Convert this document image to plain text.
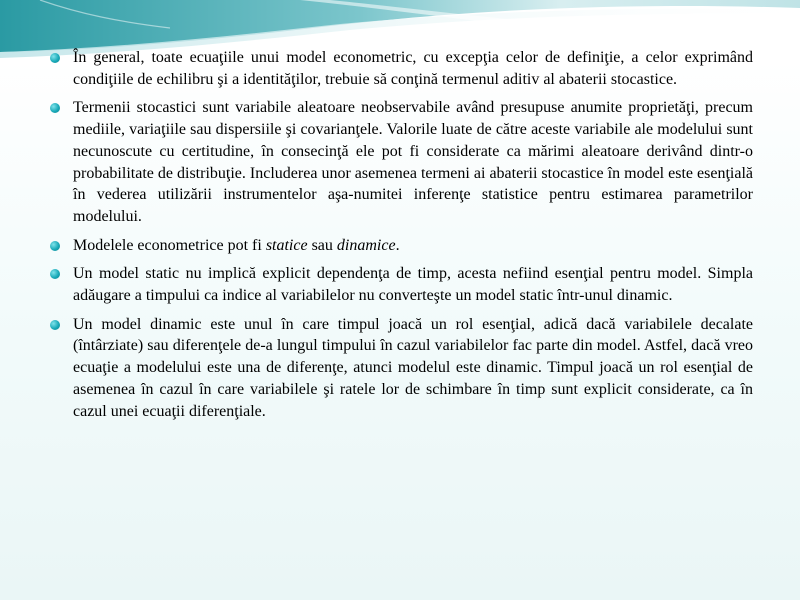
În general, toate ecuaţiile unui model econometric, cu excepţia celor de definiţie, a celor exprimând condiţiile de echilibru şi a identităţilor, trebuie să conţină termenul aditiv al abaterii stocastice.
Termenii stocastici sunt variabile aleatoare neobservabile având presupuse anumite proprietăţi, precum mediile, variaţiile sau dispersiile şi covarianţele. Valorile luate de către aceste variabile ale modelului sunt necunoscute cu certitudine, în consecinţă ele pot fi considerate ca mărimi aleatoare derivând dintr-o probabilitate de distribuţie. Includerea unor asemenea termeni ai abaterii stocastice în model este esenţială în vederea utilizării instrumentelor aşa-numitei inferenţe statistice pentru estimarea parametrilor modelului.
Modelele econometrice pot fi statice sau dinamice.
Un model static nu implică explicit dependenţa de timp, acesta nefiind esenţial pentru model. Simpla adăugare a timpului ca indice al variabilelor nu converteşte un model static într-unul dinamic.
Un model dinamic este unul în care timpul joacă un rol esenţial, adică dacă variabilele decalate (întârziate) sau diferenţele de-a lungul timpului în cazul variabilelor fac parte din model. Astfel, dacă vreo ecuaţie a modelului este una de diferenţe, atunci modelul este dinamic. Timpul joacă un rol esenţial de asemenea în cazul în care variabilele şi ratele lor de schimbare în timp sunt explicit considerate, ca în cazul unei ecuaţii diferenţiale.
